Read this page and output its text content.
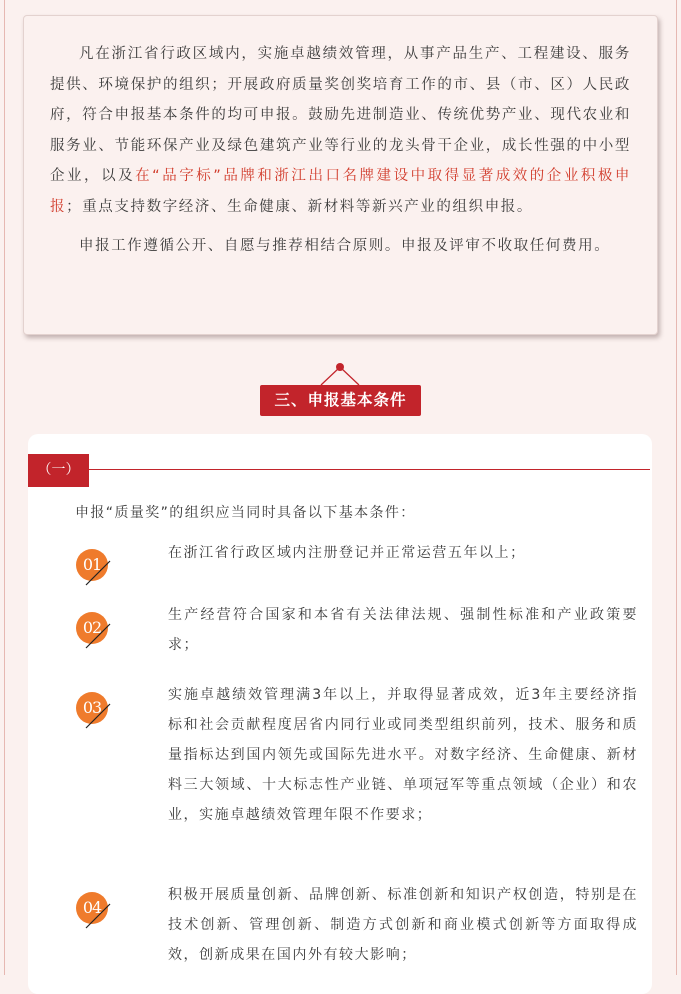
凡在浙江省行政区域内，实施卓越绩效管理，从事产品生产、工程建设、服务提供、环境保护的组织；开展政府质量奖创奖培育工作的市、县（市、区）人民政府，符合申报基本条件的均可申报。鼓励先进制造业、传统优势产业、现代农业和服务业、节能环保产业及绿色建筑产业等行业的龙头骨干企业，成长性强的中小型企业，以及在“品字标”品牌和浙江出口名牌建设中取得显著成效的企业积极申报；重点支持数字经济、生命健康、新材料等新兴产业的组织申报。

申报工作遵循公开、自愿与推荐相结合原则。申报及评审不收取任何费用。

三、申报基本条件
（一）
申报“质量奖”的组织应当同时具备以下基本条件：
01

在浙江省行政区域内注册登记并正常运营五年以上；

02

生产经营符合国家和本省有关法律法规、强制性标准和产业政策要求；

03

实施卓越绩效管理满3年以上，并取得显著成效，近3年主要经济指标和社会贡献程度居省内同行业或同类型组织前列，技术、服务和质量指标达到国内领先或国际先进水平。对数字经济、生命健康、新材料三大领域、十大标志性产业链、单项冠军等重点领域（企业）和农业，实施卓越绩效管理年限不作要求；

04

积极开展质量创新、品牌创新、标准创新和知识产权创造，特别是在技术创新、管理创新、制造方式创新和商业模式创新等方面取得成效，创新成果在国内外有较大影响；
